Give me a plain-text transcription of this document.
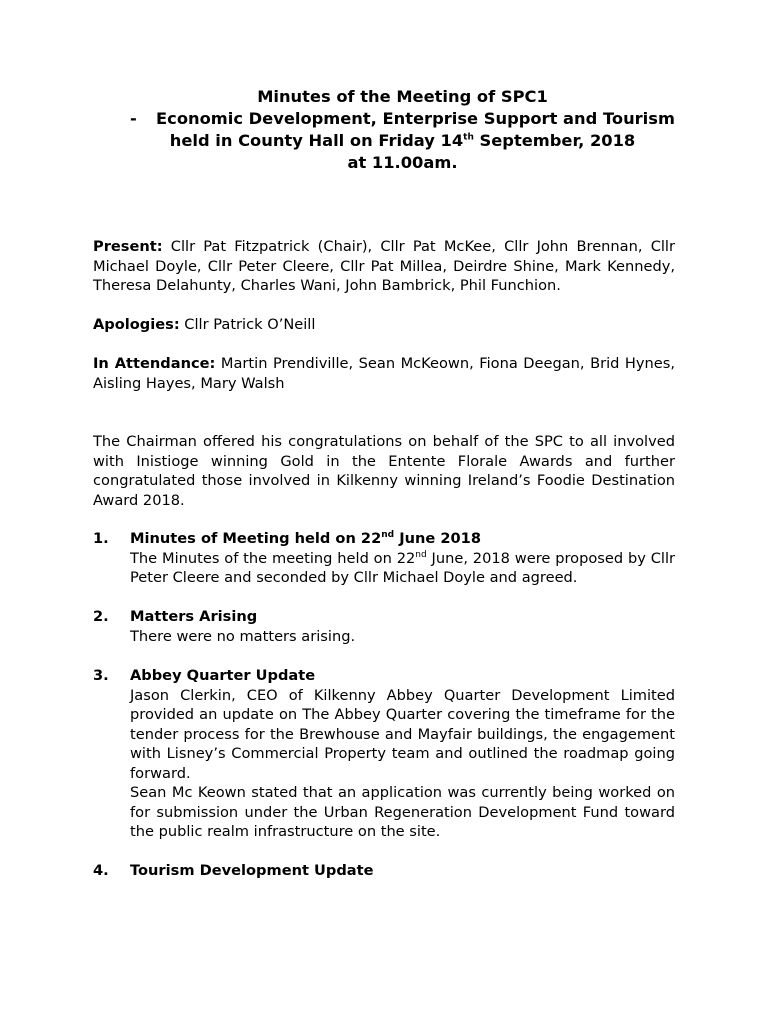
Minutes of the Meeting of SPC1
- Economic Development, Enterprise Support and Tourism
held in County Hall on Friday 14th September, 2018
at 11.00am.

Present: Cllr Pat Fitzpatrick (Chair), Cllr Pat McKee, Cllr John Brennan, Cllr Michael Doyle, Cllr Peter Cleere, Cllr Pat Millea, Deirdre Shine, Mark Kennedy, Theresa Delahunty, Charles Wani, John Bambrick, Phil Funchion.

Apologies: Cllr Patrick O’Neill

In Attendance: Martin Prendiville, Sean McKeown, Fiona Deegan, Brid Hynes, Aisling Hayes, Mary Walsh

The Chairman offered his congratulations on behalf of the SPC to all involved with Inistioge winning Gold in the Entente Florale Awards and further congratulated those involved in Kilkenny winning Ireland’s Foodie Destination Award 2018.

1.	Minutes of Meeting held on 22nd June 2018
The Minutes of the meeting held on 22nd June, 2018 were proposed by Cllr Peter Cleere and seconded by Cllr Michael Doyle and agreed.
2.	Matters Arising
There were no matters arising.
3.	Abbey Quarter Update
Jason Clerkin, CEO of Kilkenny Abbey Quarter Development Limited provided an update on The Abbey Quarter covering the timeframe for the tender process for the Brewhouse and Mayfair buildings, the engagement with Lisney’s Commercial Property team and outlined the roadmap going forward.
Sean Mc Keown stated that an application was currently being worked on for submission under the Urban Regeneration Development Fund toward the public realm infrastructure on the site.
4.	Tourism Development Update
